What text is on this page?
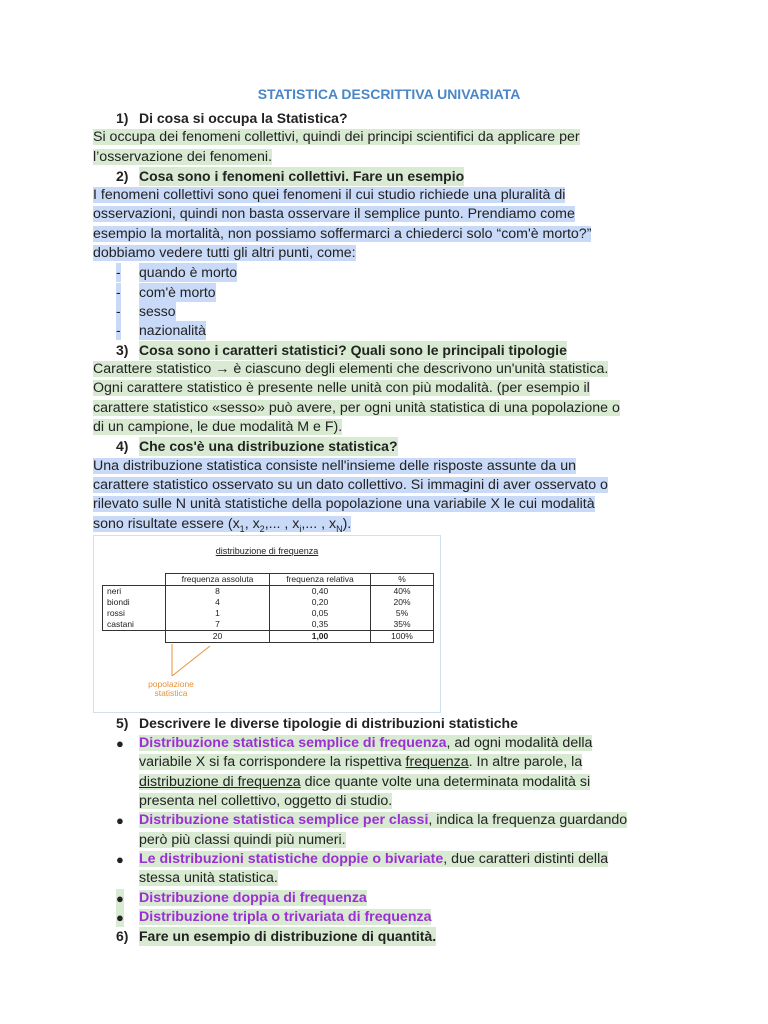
STATISTICA DESCRITTIVA UNIVARIATA
1) Di cosa si occupa la Statistica?
Si occupa dei fenomeni collettivi, quindi dei principi scientifici da applicare per
l’osservazione dei fenomeni.
2) Cosa sono i fenomeni collettivi. Fare un esempio
I fenomeni collettivi sono quei fenomeni il cui studio richiede una pluralità di
osservazioni, quindi non basta osservare il semplice punto. Prendiamo come
esempio la mortalità, non possiamo soffermarci a chiederci solo “com'è morto?”
dobbiamo vedere tutti gli altri punti, come:
- quando è morto
- com'è morto
- sesso
- nazionalità
3) Cosa sono i caratteri statistici? Quali sono le principali tipologie
Carattere statistico → è ciascuno degli elementi che descrivono un'unità statistica.
Ogni carattere statistico è presente nelle unità con più modalità. (per esempio il
carattere statistico «sesso» può avere, per ogni unità statistica di una popolazione o
di un campione, le due modalità M e F).
4) Che cos'è una distribuzione statistica?
Una distribuzione statistica consiste nell'insieme delle risposte assunte da un
carattere statistico osservato su un dato collettivo. Si immagini di aver osservato o
rilevato sulle N unità statistiche della popolazione una variabile X le cui modalità
sono risultate essere ($x_1$, $x_2$,... , $x_i$,... , $x_N$).
distribuzione di frequenza
	frequenza assoluta	frequenza relativa	%
neri	8	0,40	40%
biondi	4	0,20	20%
rossi	1	0,05	5%
castani	7	0,35	35%
	20	1,00	100%
popolazione
statistica
5) Descrivere le diverse tipologie di distribuzioni statistiche
● Distribuzione statistica semplice di frequenza, ad ogni modalità della
variabile X si fa corrispondere la rispettiva frequenza. In altre parole, la
distribuzione di frequenza dice quante volte una determinata modalità si
presenta nel collettivo, oggetto di studio.
● Distribuzione statistica semplice per classi, indica la frequenza guardando
però più classi quindi più numeri.
● Le distribuzioni statistiche doppie o bivariate, due caratteri distinti della
stessa unità statistica.
● Distribuzione doppia di frequenza
● Distribuzione tripla o trivariata di frequenza
6) Fare un esempio di distribuzione di quantità.
